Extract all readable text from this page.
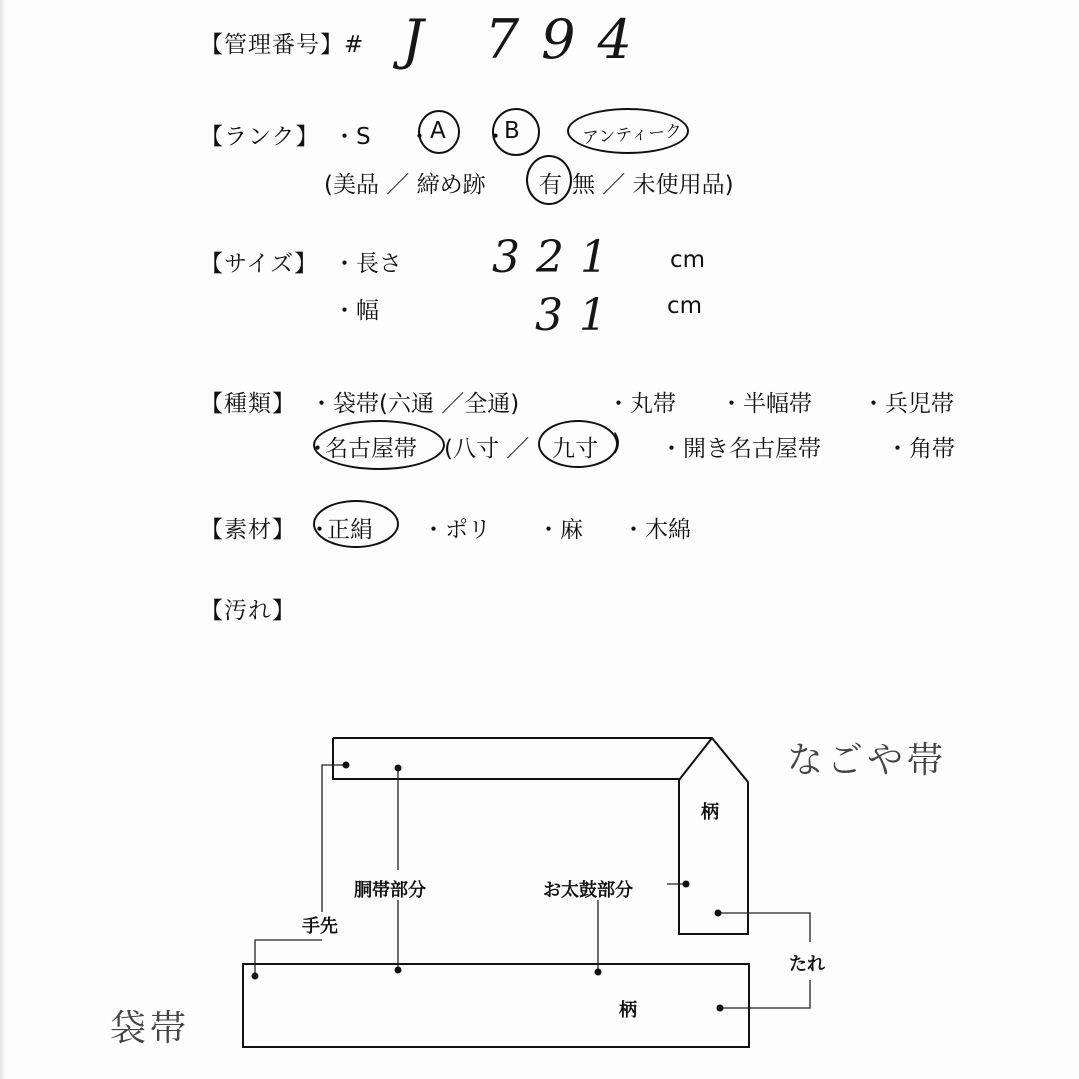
【管理番号】# J 794
【ランク】 ・S ・ A ・
B	アンティーク
(美品 ／ 締め跡 有 無 ／ 未使用品)
【サイズ】 ・長さ 321 cm
・幅	31 cm
【種類】 ・袋帯(六通 ／全通)	・丸帯 ・半幅帯 ・兵児帯
・
名古屋帯 (八寸 ／ 九寸 ) ・開き名古屋帯	・角帯
【素材】 ・
正絹 ・ポリ ・麻 ・木綿
【汚れ】
なごや帯
袋帯
柄
柄
胴帯部分	お太鼓部分
手先
たれ
